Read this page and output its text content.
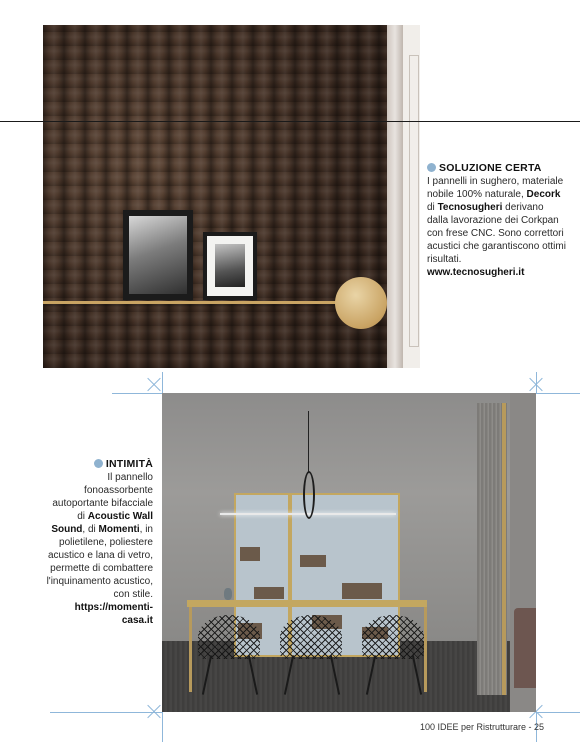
SOLUZIONE CERTA
I pannelli in sughero, materiale nobile 100% naturale, Decork di Tecnosugheri derivano dalla lavorazione dei Corkpan con frese CNC. Sono correttori acustici che garantiscono ottimi risultati.
www.tecnosugheri.it
INTIMITÀ
Il pannello fonoassorbente autoportante bifacciale di Acoustic Wall Sound, di Momenti, in polietilene, poliestere acustico e lana di vetro, permette di combattere l'inquinamento acustico, con stile.
https://momenti-casa.it
100 IDEE per Ristrutturare - 25
